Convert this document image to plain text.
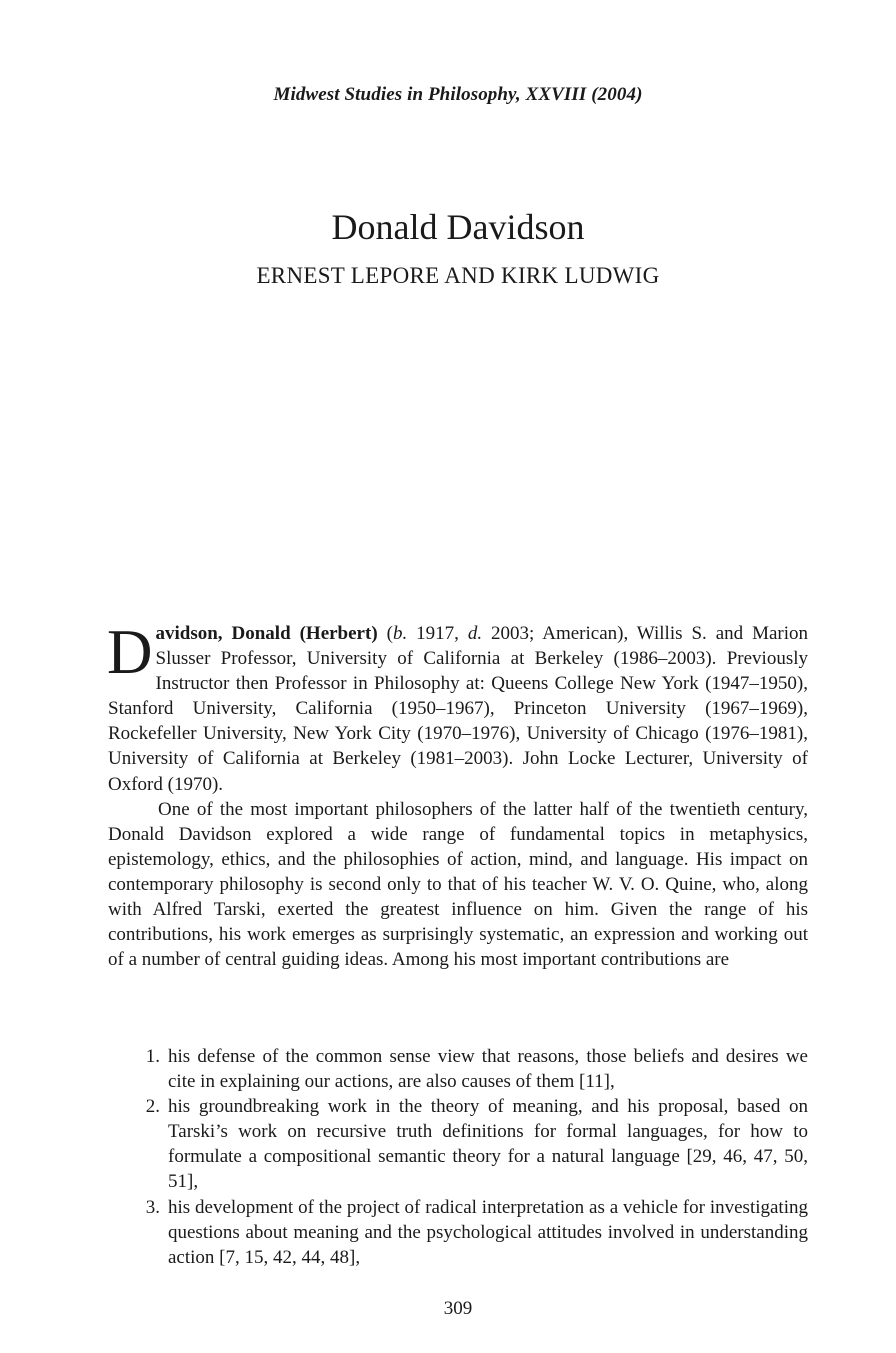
Midwest Studies in Philosophy, XXVIII (2004)
Donald Davidson
ERNEST LEPORE AND KIRK LUDWIG

Davidson, Donald (Herbert) (b. 1917, d. 2003; American), Willis S. and Marion Slusser Professor, University of California at Berkeley (1986–2003). Previously Instructor then Professor in Philosophy at: Queens College New York (1947–1950), Stanford University, California (1950–1967), Princeton University (1967–1969), Rockefeller University, New York City (1970–1976), University of Chicago (1976–1981), University of California at Berkeley (1981–2003). John Locke Lecturer, University of Oxford (1970).

One of the most important philosophers of the latter half of the twentieth century, Donald Davidson explored a wide range of fundamental topics in metaphysics, epistemology, ethics, and the philosophies of action, mind, and language. His impact on contemporary philosophy is second only to that of his teacher W. V. O. Quine, who, along with Alfred Tarski, exerted the greatest influence on him. Given the range of his contributions, his work emerges as surprisingly systematic, an expression and working out of a number of central guiding ideas. Among his most important contributions are

1. his defense of the common sense view that reasons, those beliefs and desires we cite in explaining our actions, are also causes of them [11],
2. his groundbreaking work in the theory of meaning, and his proposal, based on Tarski’s work on recursive truth definitions for formal languages, for how to formulate a compositional semantic theory for a natural language [29, 46, 47, 50, 51],
3. his development of the project of radical interpretation as a vehicle for investigating questions about meaning and the psychological attitudes involved in understanding action [7, 15, 42, 44, 48],
309
